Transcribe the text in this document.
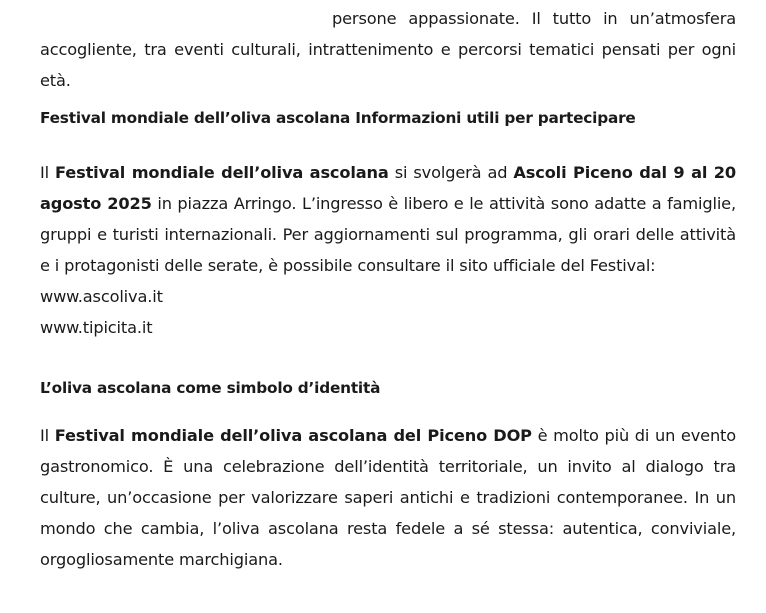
persone appassionate. Il tutto in un’atmosfera

accogliente, tra eventi culturali, intrattenimento e percorsi tematici pensati per ogni età.

Festival mondiale dell’oliva ascolana Informazioni utili per partecipare

Il Festival mondiale dell’oliva ascolana si svolgerà ad Ascoli Piceno dal 9 al 20 agosto 2025 in piazza Arringo. L’ingresso è libero e le attività sono adatte a famiglie, gruppi e turisti internazionali. Per aggiornamenti sul programma, gli orari delle attività e i protagonisti delle serate, è possibile consultare il sito ufficiale del Festival:

www.ascoliva.it
www.tipicita.it
L’oliva ascolana come simbolo d’identità

Il Festival mondiale dell’oliva ascolana del Piceno DOP è molto più di un evento gastronomico. È una celebrazione dell’identità territoriale, un invito al dialogo tra culture, un’occasione per valorizzare saperi antichi e tradizioni contemporanee. In un mondo che cambia, l’oliva ascolana resta fedele a sé stessa: autentica, conviviale, orgogliosamente marchigiana.
